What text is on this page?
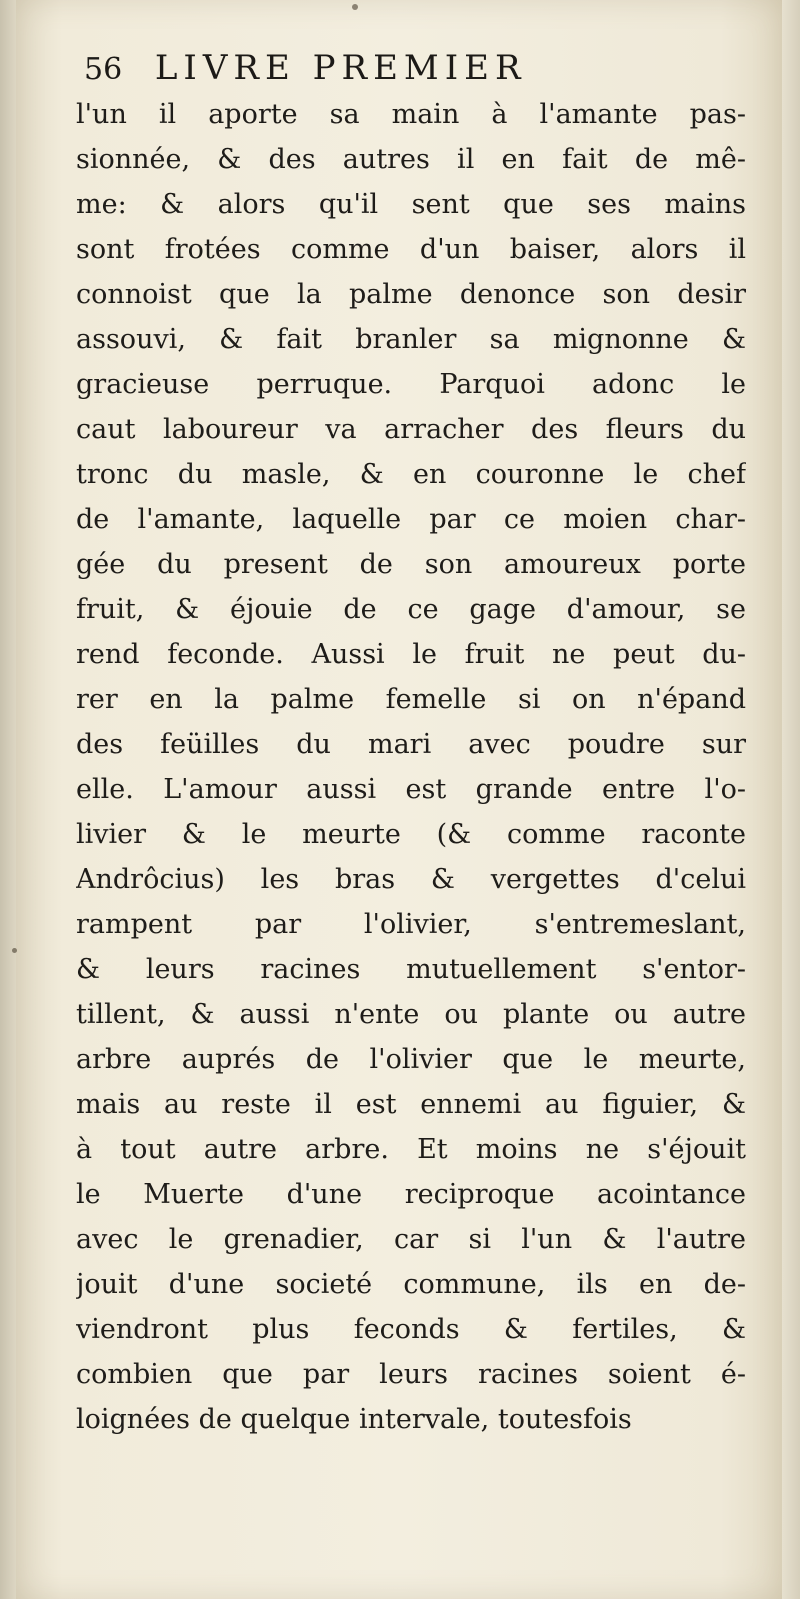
56 LIVRE PREMIER
l'un il aporte sa main à l'amante pas-
sionnée, & des autres il en fait de mê-
me: & alors qu'il sent que ses mains
sont frotées comme d'un baiser, alors il
connoist que la palme denonce son desir
assouvi, & fait branler sa mignonne &
gracieuse perruque. Parquoi adonc le
caut laboureur va arracher des fleurs du
tronc du masle, & en couronne le chef
de l'amante, laquelle par ce moien char-
gée du present de son amoureux porte
fruit, & éjouie de ce gage d'amour, se
rend feconde. Aussi le fruit ne peut du-
rer en la palme femelle si on n'épand
des feüilles du mari avec poudre sur
elle. L'amour aussi est grande entre l'o-
livier & le meurte (& comme raconte
Andrôcius) les bras & vergettes d'celui
rampent par l'olivier, s'entremeslant,
& leurs racines mutuellement s'entor-
tillent, & aussi n'ente ou plante ou autre
arbre auprés de l'olivier que le meurte,
mais au reste il est ennemi au figuier, &
à tout autre arbre. Et moins ne s'éjouit
le Muerte d'une reciproque acointance
avec le grenadier, car si l'un & l'autre
jouit d'une societé commune, ils en de-
viendront plus feconds & fertiles, &
combien que par leurs racines soient é-
loignées de quelque intervale, toutesfois
